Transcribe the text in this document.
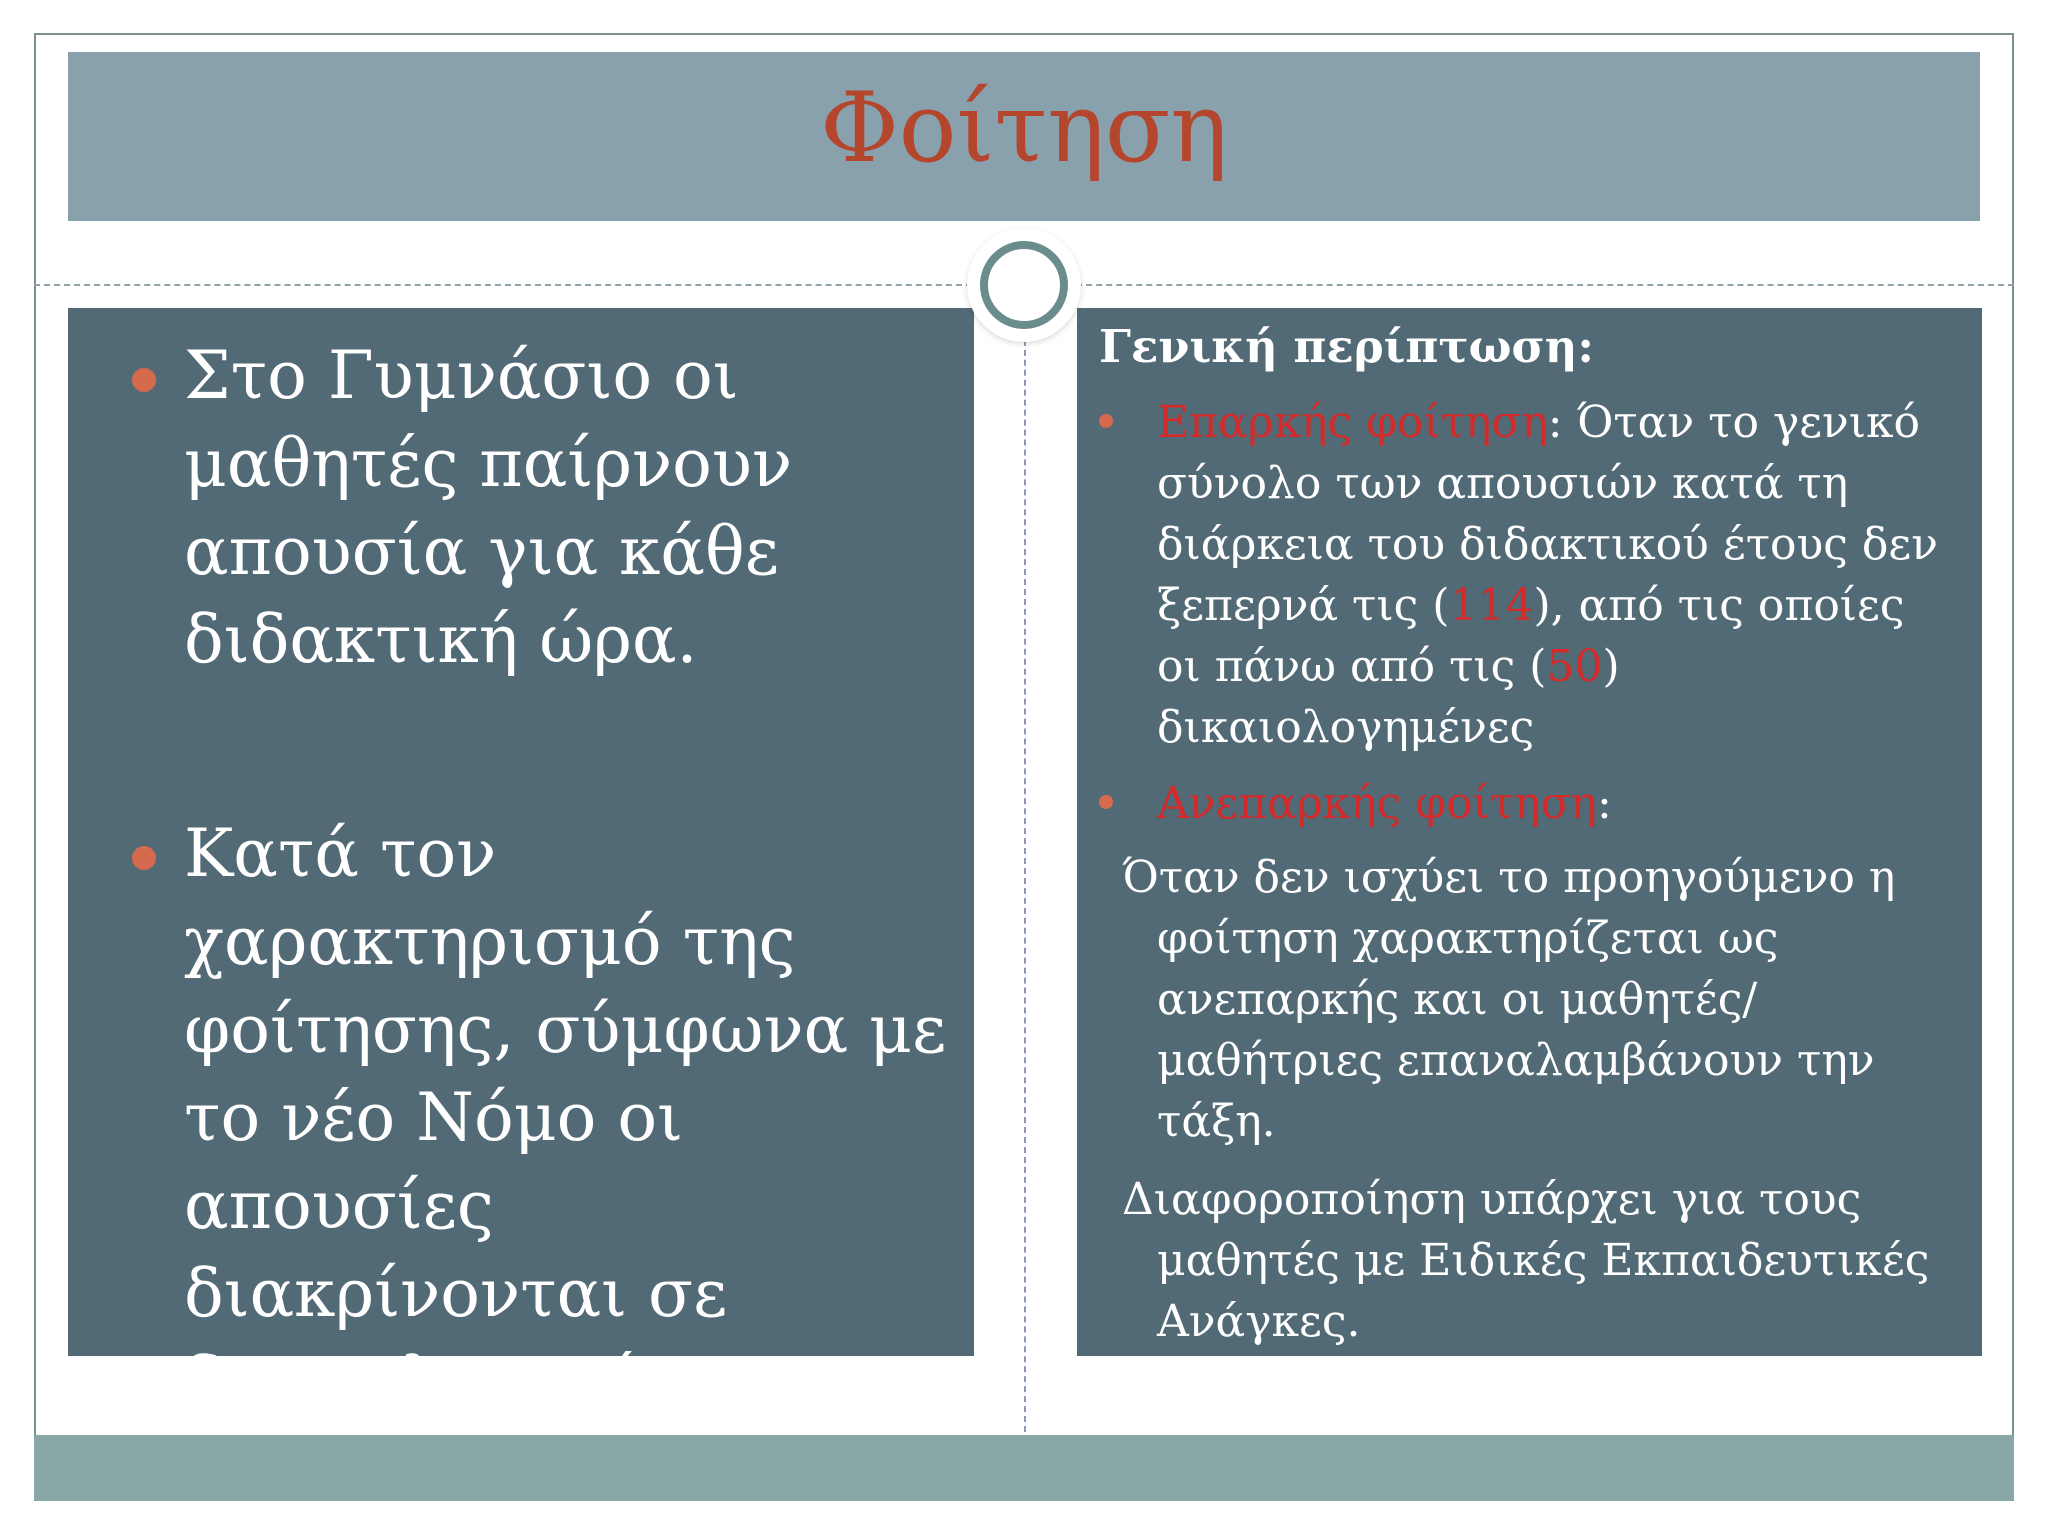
Φοίτηση
Στο Γυμνάσιο οι μαθητές παίρνουν απουσία για κάθε διδακτική ώρα.
Κατά τον χαρακτηρισμό της φοίτησης, σύμφωνα με το νέο Νόμο οι απουσίες διακρίνονται σε δικαιολογημένες και
Γενική περίπτωση:
Επαρκής φοίτηση: Όταν το γενικό σύνολο των απουσιών κατά τη διάρκεια του διδακτικού έτους δεν ξεπερνά τις (114), από τις οποίες οι πάνω από τις (50) δικαιολογημένες
Ανεπαρκής φοίτηση:
Όταν δεν ισχύει το προηγούμενο η φοίτηση χαρακτηρίζεται ως ανεπαρκής και οι μαθητές/μαθήτριες επαναλαμβάνουν την τάξη.
Διαφοροποίηση υπάρχει για τους μαθητές με Ειδικές Εκπαιδευτικές Ανάγκες.
